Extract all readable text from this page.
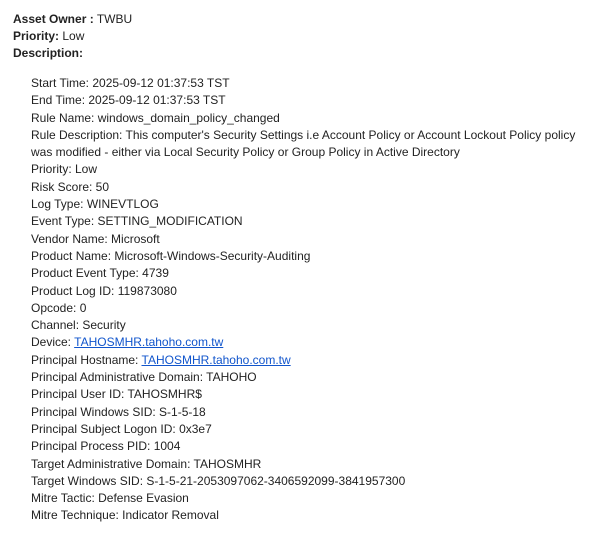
Asset Owner : TWBU
Priority: Low
Description:
Start Time: 2025-09-12 01:37:53 TST
End Time: 2025-09-12 01:37:53 TST
Rule Name: windows_domain_policy_changed
Rule Description: This computer's Security Settings i.e Account Policy or Account Lockout Policy policy was modified - either via Local Security Policy or Group Policy in Active Directory
Priority: Low
Risk Score: 50
Log Type: WINEVTLOG
Event Type: SETTING_MODIFICATION
Vendor Name: Microsoft
Product Name: Microsoft-Windows-Security-Auditing
Product Event Type: 4739
Product Log ID: 119873080
Opcode: 0
Channel: Security
Device: TAHOSMHR.tahoho.com.tw
Principal Hostname: TAHOSMHR.tahoho.com.tw
Principal Administrative Domain: TAHOHO
Principal User ID: TAHOSMHR$
Principal Windows SID: S-1-5-18
Principal Subject Logon ID: 0x3e7
Principal Process PID: 1004
Target Administrative Domain: TAHOSMHR
Target Windows SID: S-1-5-21-2053097062-3406592099-3841957300
Mitre Tactic: Defense Evasion
Mitre Technique: Indicator Removal
